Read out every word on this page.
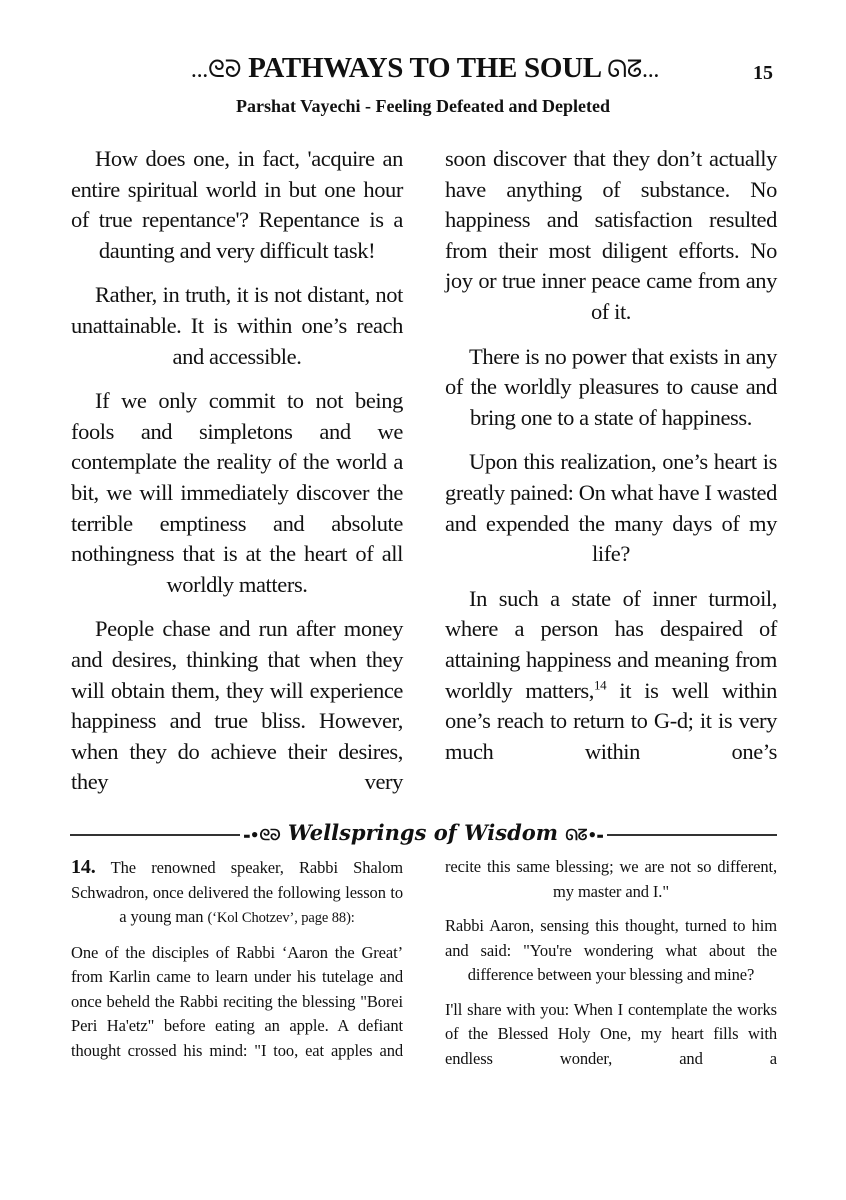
...ᘓᘐ PATHWAYS TO THE SOUL ᘏᘔ...	15
Parshat Vayechi - Feeling Defeated and Depleted

How does one, in fact, 'acquire an entire spiritual world in but one hour of true repentance'? Repentance is a daunting and very difficult task!

Rather, in truth, it is not distant, not unattainable. It is within one’s reach and accessible.

If we only commit to not being fools and simpletons and we contemplate the reality of the world a bit, we will immediately discover the terrible emptiness and absolute nothingness that is at the heart of all worldly matters.

People chase and run after money and desires, thinking that when they will obtain them, they will experience happiness and true bliss. However, when they do achieve their desires, they very

soon discover that they don’t actually have anything of substance. No happiness and satisfaction resulted from their most diligent efforts. No joy or true inner peace came from any of it.

There is no power that exists in any of the worldly pleasures to cause and bring one to a state of happiness.

Upon this realization, one’s heart is greatly pained: On what have I wasted and expended the many days of my life?

In such a state of inner turmoil, where a person has despaired of attaining happiness and meaning from worldly matters,$^{14}$ it is well within one’s reach to return to G-d; it is very much within one’s

⁃•ᘓᘐ Wellsprings of Wisdom ᘏᘔ•⁃

14. The renowned speaker, Rabbi Shalom Schwadron, once delivered the following lesson to a young man (‘Kol Chotzev’, page 88):

One of the disciples of Rabbi ‘Aaron the Great’ from Karlin came to learn under his tutelage and once beheld the Rabbi reciting the blessing "Borei Peri Ha'etz" before eating an apple. A defiant thought crossed his mind: "I too, eat apples and

recite this same blessing; we are not so different, my master and I."

Rabbi Aaron, sensing this thought, turned to him and said: "You're wondering what about the difference between your blessing and mine?

I'll share with you: When I contemplate the works of the Blessed Holy One, my heart fills with endless wonder, and a
